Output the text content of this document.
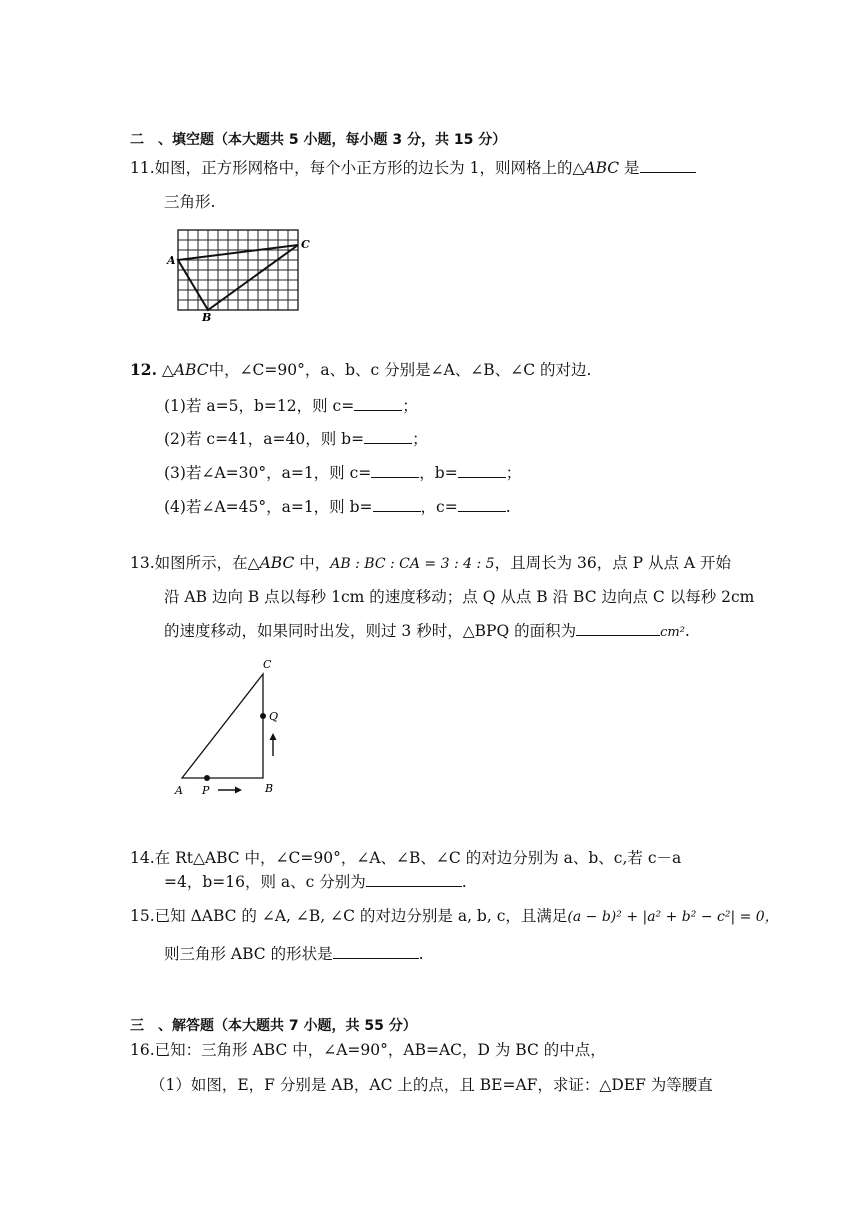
二　、填空题（本大题共 5 小题，每小题 3 分，共 15 分）
11.如图，正方形网格中，每个小正方形的边长为 1，则网格上的△ABC 是
三角形.
A
B
C
12. △ABC中，∠C=90°，a、b、c 分别是∠A、∠B、∠C 的对边.
(1)若 a=5，b=12，则 c=	；
(2)若 c=41，a=40，则 b=	；
(3)若∠A=30°，a=1，则 c=	，b=	；
(4)若∠A=45°，a=1，则 b=	，c=	.
13.如图所示，在△ABC 中，AB : BC : CA = 3 : 4 : 5，且周长为 36，点 P 从点 A 开始
沿 AB 边向 B 点以每秒 1cm 的速度移动；点 Q 从点 B 沿 BC 边向点 C 以每秒 2cm
的速度移动，如果同时出发，则过 3 秒时，△BPQ 的面积为	cm².
A P	B
Q
C
14.在 Rt△ABC 中，∠C=90°，∠A、∠B、∠C 的对边分别为 a、b、c,若 c－a
=4，b=16，则 a、c 分别为	.
15.已知 ΔABC 的 ∠A, ∠B, ∠C 的对边分别是 a, b, c，且满足(a − b)² + |a² + b² − c²| = 0，
则三角形 ABC 的形状是	.
三　、解答题（本大题共 7 小题，共 55 分）
16.已知：三角形 ABC 中，∠A=90°，AB=AC，D 为 BC 的中点，
（1）如图，E，F 分别是 AB，AC 上的点，且 BE=AF，求证：△DEF 为等腰直
